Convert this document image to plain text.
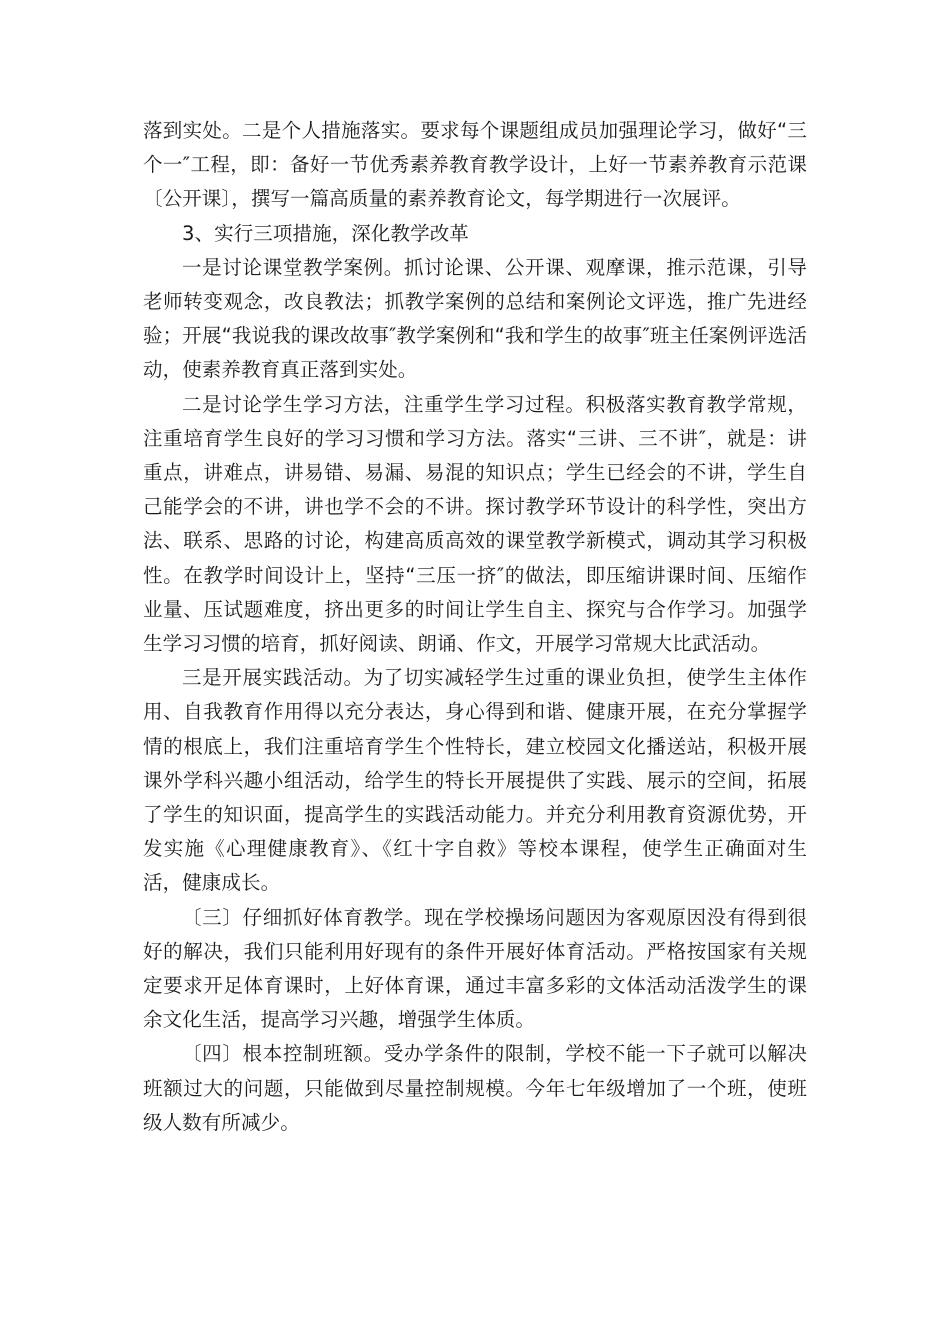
落到实处。二是个人措施落实。要求每个课题组成员加强理论学习，做好“三个一″工程，即：备好一节优秀素养教育教学设计，上好一节素养教育示范课〔公开课〕，撰写一篇高质量的素养教育论文，每学期进行一次展评。

3、实行三项措施，深化教学改革

一是讨论课堂教学案例。抓讨论课、公开课、观摩课，推示范课，引导老师转变观念，改良教法；抓教学案例的总结和案例论文评选，推广先进经验；开展“我说我的课改故事″教学案例和“我和学生的故事″班主任案例评选活动，使素养教育真正落到实处。

二是讨论学生学习方法，注重学生学习过程。积极落实教育教学常规，注重培育学生良好的学习习惯和学习方法。落实“三讲、三不讲″，就是：讲重点，讲难点，讲易错、易漏、易混的知识点；学生已经会的不讲，学生自己能学会的不讲，讲也学不会的不讲。探讨教学环节设计的科学性，突出方法、联系、思路的讨论，构建高质高效的课堂教学新模式，调动其学习积极性。在教学时间设计上，坚持“三压一挤″的做法，即压缩讲课时间、压缩作业量、压试题难度，挤出更多的时间让学生自主、探究与合作学习。加强学生学习习惯的培育，抓好阅读、朗诵、作文，开展学习常规大比武活动。

三是开展实践活动。为了切实减轻学生过重的课业负担，使学生主体作用、自我教育作用得以充分表达，身心得到和谐、健康开展，在充分掌握学情的根底上，我们注重培育学生个性特长，建立校园文化播送站，积极开展课外学科兴趣小组活动，给学生的特长开展提供了实践、展示的空间，拓展了学生的知识面，提高学生的实践活动能力。并充分利用教育资源优势，开发实施《心理健康教育》、《红十字自救》等校本课程，使学生正确面对生活，健康成长。

〔三〕仔细抓好体育教学。现在学校操场问题因为客观原因没有得到很好的解决，我们只能利用好现有的条件开展好体育活动。严格按国家有关规定要求开足体育课时，上好体育课，通过丰富多彩的文体活动活泼学生的课余文化生活，提高学习兴趣，增强学生体质。

〔四〕根本控制班额。受办学条件的限制，学校不能一下子就可以解决班额过大的问题，只能做到尽量控制规模。今年七年级增加了一个班，使班级人数有所减少。
